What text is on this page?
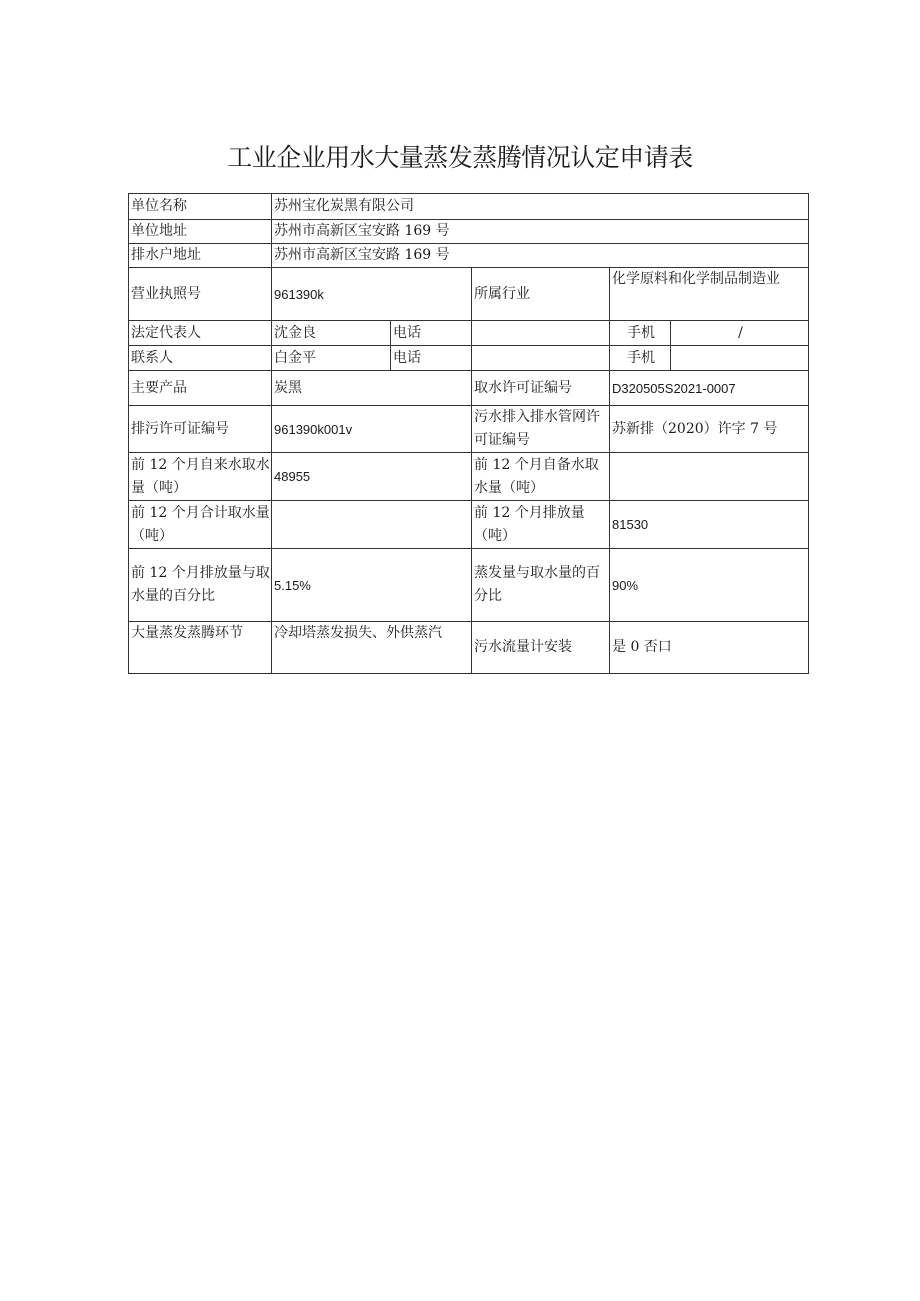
工业企业用水大量蒸发蒸腾情况认定申请表
单位名称	苏州宝化炭黑有限公司				
单位地址	苏州市高新区宝安路 169 号				
排水户地址	苏州市高新区宝安路 169 号				
营业执照号	961390k		所属行业	化学原料和化学制品制造业	
法定代表人	沈金良	电话		手机	/
联系人	白金平	电话		手机	
主要产品	炭黑		取水许可证编号	D320505S2021-0007	
排污许可证编号	961390k001v		污水排入排水管网许可证编号	苏新排（2020）许字 7 号	
前 12 个月自来水取水量（吨）	48955		前 12 个月自备水取水量（吨）		
前 12 个月合计取水量（吨）			前 12 个月排放量（吨）	81530	
前 12 个月排放量与取水量的百分比	5.15%		蒸发量与取水量的百分比	90%	
大量蒸发蒸腾环节	冷却塔蒸发损失、外供蒸汽		污水流量计安装	是 0 否口	
